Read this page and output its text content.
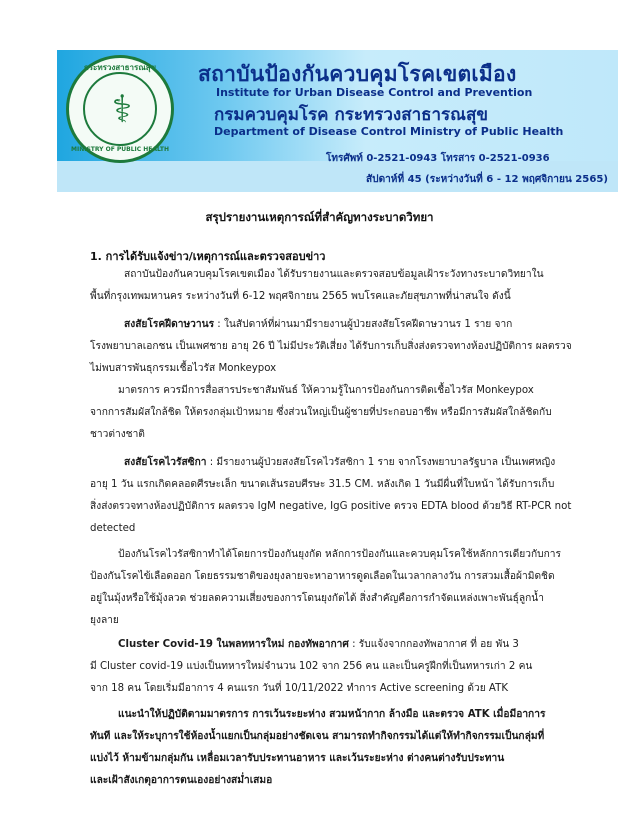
กระทรวงสาธารณสุข
⚕
MINISTRY OF PUBLIC HEALTH
สถาบันป้องกันควบคุมโรคเขตเมือง
Institute for Urban Disease Control and Prevention
กรมควบคุมโรค กระทรวงสาธารณสุข
Department of Disease Control Ministry of Public Health
โทรศัพท์ 0-2521-0943 โทรสาร 0-2521-0936
สัปดาห์ที่ 45 (ระหว่างวันที่ 6 - 12 พฤศจิกายน 2565)
สรุปรายงานเหตุการณ์ที่สำคัญทางระบาดวิทยา
1. การได้รับแจ้งข่าว/เหตุการณ์และตรวจสอบข่าว
สถาบันป้องกันควบคุมโรคเขตเมือง ได้รับรายงานและตรวจสอบข้อมูลเฝ้าระวังทางระบาดวิทยาใน
พื้นที่กรุงเทพมหานคร ระหว่างวันที่ 6-12 พฤศจิกายน 2565 พบโรคและภัยสุขภาพที่น่าสนใจ ดังนี้
สงสัยโรคฝีดาษวานร : ในสัปดาห์ที่ผ่านมามีรายงานผู้ป่วยสงสัยโรคฝีดาษวานร 1 ราย จาก
โรงพยาบาลเอกชน เป็นเพศชาย อายุ 26 ปี ไม่มีประวัติเสี่ยง ได้รับการเก็บสิ่งส่งตรวจทางห้องปฏิบัติการ ผลตรวจ
ไม่พบสารพันธุกรรมเชื้อไวรัส Monkeypox
มาตรการ ควรมีการสื่อสารประชาสัมพันธ์ ให้ความรู้ในการป้องกันการติดเชื้อไวรัส Monkeypox
จากการสัมผัสใกล้ชิด ให้ตรงกลุ่มเป้าหมาย ซึ่งส่วนใหญ่เป็นผู้ชายที่ประกอบอาชีพ หรือมีการสัมผัสใกล้ชิดกับ
ชาวต่างชาติ
สงสัยโรคไวรัสซิกา : มีรายงานผู้ป่วยสงสัยโรคไวรัสซิกา 1 ราย จากโรงพยาบาลรัฐบาล เป็นเพศหญิง
อายุ 1 วัน แรกเกิดคลอดศีรษะเล็ก ขนาดเส้นรอบศีรษะ 31.5 CM. หลังเกิด 1 วันมีผื่นที่ใบหน้า ได้รับการเก็บ
สิ่งส่งตรวจทางห้องปฏิบัติการ ผลตรวจ IgM negative, IgG positive ตรวจ EDTA blood ด้วยวิธี RT-PCR not
detected
ป้องกันโรคไวรัสซิกาทำได้โดยการป้องกันยุงกัด หลักการป้องกันและควบคุมโรคใช้หลักการเดียวกับการ
ป้องกันโรคไข้เลือดออก โดยธรรมชาติของยุงลายจะหาอาหารดูดเลือดในเวลากลางวัน การสวมเสื้อผ้ามิดชิด
อยู่ในมุ้งหรือใช้มุ้งลวด ช่วยลดความเสี่ยงของการโดนยุงกัดได้ สิ่งสำคัญคือการกำจัดแหล่งเพาะพันธุ์ลูกน้ำ
ยุงลาย
Cluster Covid-19 ในพลทหารใหม่ กองทัพอากาศ : รับแจ้งจากกองทัพอากาศ ที่ อย พัน 3
มี Cluster covid-19 แบ่งเป็นทหารใหม่จำนวน 102 จาก 256 คน และเป็นครูฝึกที่เป็นทหารเก่า 2 คน
จาก 18 คน โดยเริ่มมีอาการ 4 คนแรก วันที่ 10/11/2022 ทำการ Active screening ด้วย ATK
แนะนำให้ปฏิบัติตามมาตรการ การเว้นระยะห่าง สวมหน้ากาก ล้างมือ และตรวจ ATK เมื่อมีอาการ
ทันที และให้ระบุการใช้ห้องน้ำแยกเป็นกลุ่มอย่างชัดเจน สามารถทำกิจกรรมได้แต่ให้ทำกิจกรรมเป็นกลุ่มที่
แบ่งไว้ ห้ามข้ามกลุ่มกัน เหลื่อมเวลารับประทานอาหาร และเว้นระยะห่าง ต่างคนต่างรับประทาน
และเฝ้าสังเกตุอาการตนเองอย่างสม่ำเสมอ
